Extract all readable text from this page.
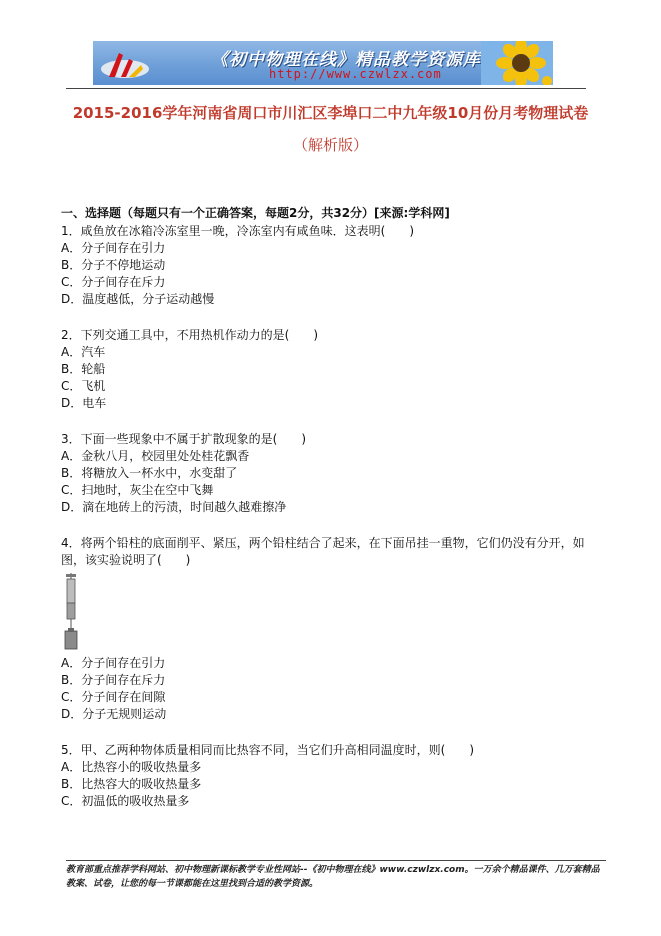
《初中物理在线》精品教学资源库
http://www.czwlzx.com
2015-2016学年河南省周口市川汇区李埠口二中九年级10月份月考物理试卷
（解析版）
一、选择题（每题只有一个正确答案，每题2分，共32分）[来源:学科网]
1．咸鱼放在冰箱冷冻室里一晚，冷冻室内有咸鱼味．这表明(　　)
A．分子间存在引力
B．分子不停地运动
C．分子间存在斥力
D．温度越低，分子运动越慢
2．下列交通工具中，不用热机作动力的是(　　)
A．汽车
B．轮船
C．飞机
D．电车
3．下面一些现象中不属于扩散现象的是(　　)
A．金秋八月，校园里处处桂花飘香
B．将糖放入一杯水中，水变甜了
C．扫地时，灰尘在空中飞舞
D．滴在地砖上的污渍，时间越久越难擦净
4．将两个铅柱的底面削平、紧压，两个铅柱结合了起来，在下面吊挂一重物，它们仍没有分开，如
图，该实验说明了(　　)
A．分子间存在引力
B．分子间存在斥力
C．分子间存在间隙
D．分子无规则运动
5．甲、乙两种物体质量相同而比热容不同，当它们升高相同温度时，则(　　)
A．比热容小的吸收热量多
B．比热容大的吸收热量多
C．初温低的吸收热量多
教育部重点推荐学科网站、初中物理新课标教学专业性网站--《初中物理在线》www.czwlzx.com。一万余个精品课件、几万套精品教案、试卷，让您的每一节课都能在这里找到合适的教学资源。
